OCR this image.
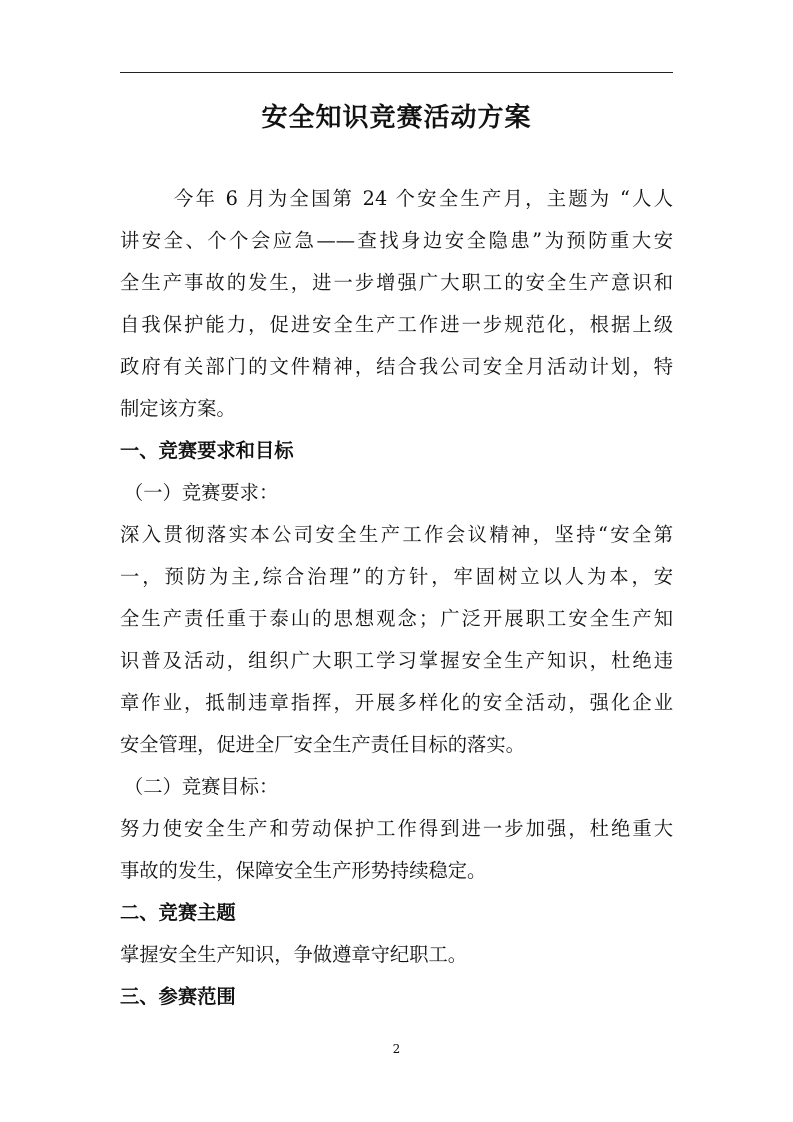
安全知识竞赛活动方案
今年 6 月为全国第 24 个安全生产月，主题为 “人人
讲安全、个个会应急——查找身边安全隐患”为预防重大安
全生产事故的发生，进一步增强广大职工的安全生产意识和
自我保护能力，促进安全生产工作进一步规范化，根据上级
政府有关部门的文件精神，结合我公司安全月活动计划，特
制定该方案。
一、竞赛要求和目标
（一）竞赛要求：
深入贯彻落实本公司安全生产工作会议精神，坚持“安全第
一，预防为主,综合治理”的方针，牢固树立以人为本，安
全生产责任重于泰山的思想观念；广泛开展职工安全生产知
识普及活动，组织广大职工学习掌握安全生产知识，杜绝违
章作业，抵制违章指挥，开展多样化的安全活动，强化企业
安全管理，促进全厂安全生产责任目标的落实。
（二）竞赛目标：
努力使安全生产和劳动保护工作得到进一步加强，杜绝重大
事故的发生，保障安全生产形势持续稳定。
二、竞赛主题
掌握安全生产知识，争做遵章守纪职工。
三、参赛范围
2
